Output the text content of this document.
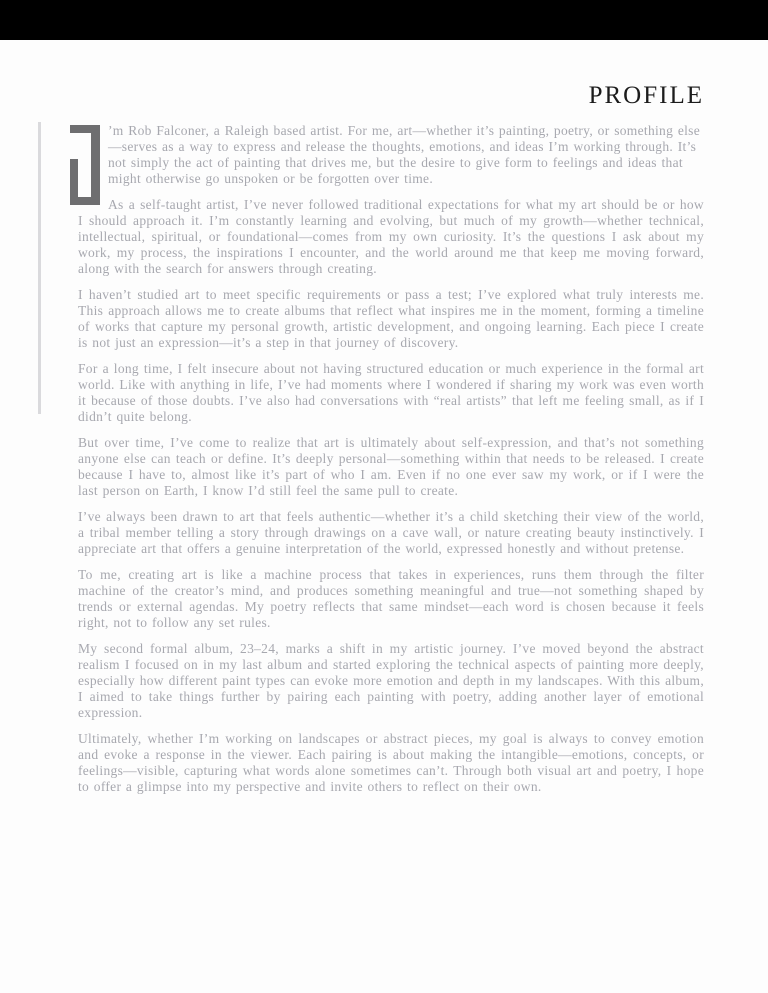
PROFILE

’m Rob Falconer, a Raleigh based artist. For me, art—whether it’s painting, poetry, or something else—serves as a way to express and release the thoughts, emotions, and ideas I’m working through. It’s not simply the act of painting that drives me, but the desire to give form to feelings and ideas that might otherwise go unspoken or be forgotten over time.

As a self-taught artist, I’ve never followed traditional expectations for what my art should be or how I should approach it. I’m constantly learning and evolving, but much of my growth—whether technical, intellectual, spiritual, or foundational—comes from my own curiosity. It’s the questions I ask about my work, my process, the inspirations I encounter, and the world around me that keep me moving forward, along with the search for answers through creating.

I haven’t studied art to meet specific requirements or pass a test; I’ve explored what truly interests me. This approach allows me to create albums that reflect what inspires me in the moment, forming a timeline of works that capture my personal growth, artistic development, and ongoing learning. Each piece I create is not just an expression—it’s a step in that journey of discovery.

For a long time, I felt insecure about not having structured education or much experience in the formal art world. Like with anything in life, I’ve had moments where I wondered if sharing my work was even worth it because of those doubts. I’ve also had conversations with “real artists” that left me feeling small, as if I didn’t quite belong.

But over time, I’ve come to realize that art is ultimately about self-expression, and that’s not something anyone else can teach or define. It’s deeply personal—something within that needs to be released. I create because I have to, almost like it’s part of who I am. Even if no one ever saw my work, or if I were the last person on Earth, I know I’d still feel the same pull to create.

I’ve always been drawn to art that feels authentic—whether it’s a child sketching their view of the world, a tribal member telling a story through drawings on a cave wall, or nature creating beauty instinctively. I appreciate art that offers a genuine interpretation of the world, expressed honestly and without pretense.

To me, creating art is like a machine process that takes in experiences, runs them through the filter machine of the creator’s mind, and produces something meaningful and true—not something shaped by trends or external agendas. My poetry reflects that same mindset—each word is chosen because it feels right, not to follow any set rules.

My second formal album, 23–24, marks a shift in my artistic journey. I’ve moved beyond the abstract realism I focused on in my last album and started exploring the technical aspects of painting more deeply, especially how different paint types can evoke more emotion and depth in my landscapes. With this album, I aimed to take things further by pairing each painting with poetry, adding another layer of emotional expression.

Ultimately, whether I’m working on landscapes or abstract pieces, my goal is always to convey emotion and evoke a response in the viewer. Each pairing is about making the intangible—emotions, concepts, or feelings—visible, capturing what words alone sometimes can’t. Through both visual art and poetry, I hope to offer a glimpse into my perspective and invite others to reflect on their own.
